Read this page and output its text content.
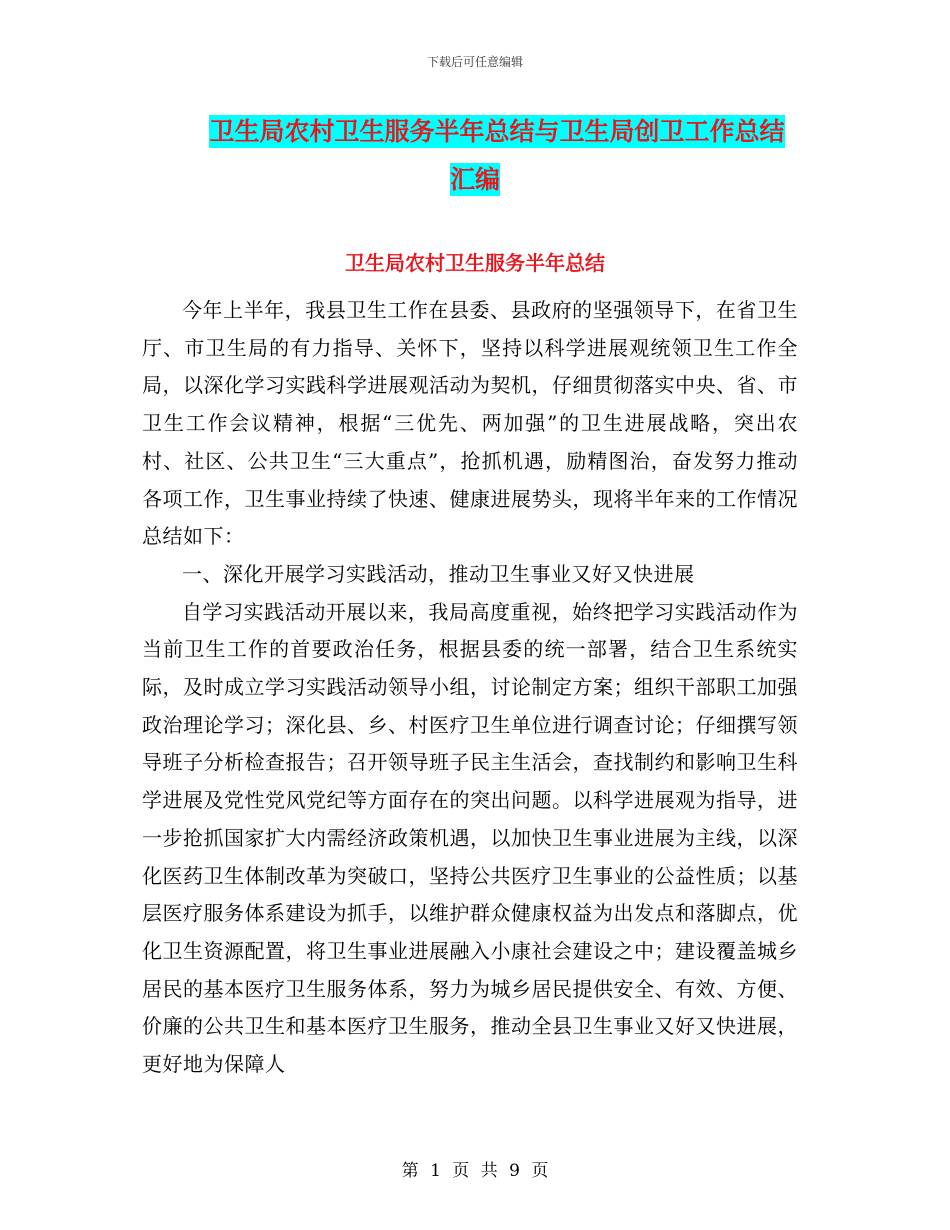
下载后可任意编辑
卫生局农村卫生服务半年总结与卫生局创卫工作总结
汇编
卫生局农村卫生服务半年总结

今年上半年，我县卫生工作在县委、县政府的坚强领导下，在省卫生厅、市卫生局的有力指导、关怀下，坚持以科学进展观统领卫生工作全局，以深化学习实践科学进展观活动为契机，仔细贯彻落实中央、省、市卫生工作会议精神，根据“三优先、两加强”的卫生进展战略，突出农村、社区、公共卫生“三大重点”，抢抓机遇，励精图治，奋发努力推动各项工作，卫生事业持续了快速、健康进展势头，现将半年来的工作情况总结如下：

一、深化开展学习实践活动，推动卫生事业又好又快进展

自学习实践活动开展以来，我局高度重视，始终把学习实践活动作为当前卫生工作的首要政治任务，根据县委的统一部署，结合卫生系统实际，及时成立学习实践活动领导小组，讨论制定方案；组织干部职工加强政治理论学习；深化县、乡、村医疗卫生单位进行调查讨论；仔细撰写领导班子分析检查报告；召开领导班子民主生活会，查找制约和影响卫生科学进展及党性党风党纪等方面存在的突出问题。以科学进展观为指导，进一步抢抓国家扩大内需经济政策机遇，以加快卫生事业进展为主线，以深化医药卫生体制改革为突破口，坚持公共医疗卫生事业的公益性质；以基层医疗服务体系建设为抓手，以维护群众健康权益为出发点和落脚点，优化卫生资源配置，将卫生事业进展融入小康社会建设之中；建设覆盖城乡居民的基本医疗卫生服务体系，努力为城乡居民提供安全、有效、方便、价廉的公共卫生和基本医疗卫生服务，推动全县卫生事业又好又快进展，更好地为保障人

第 1 页 共 9 页
